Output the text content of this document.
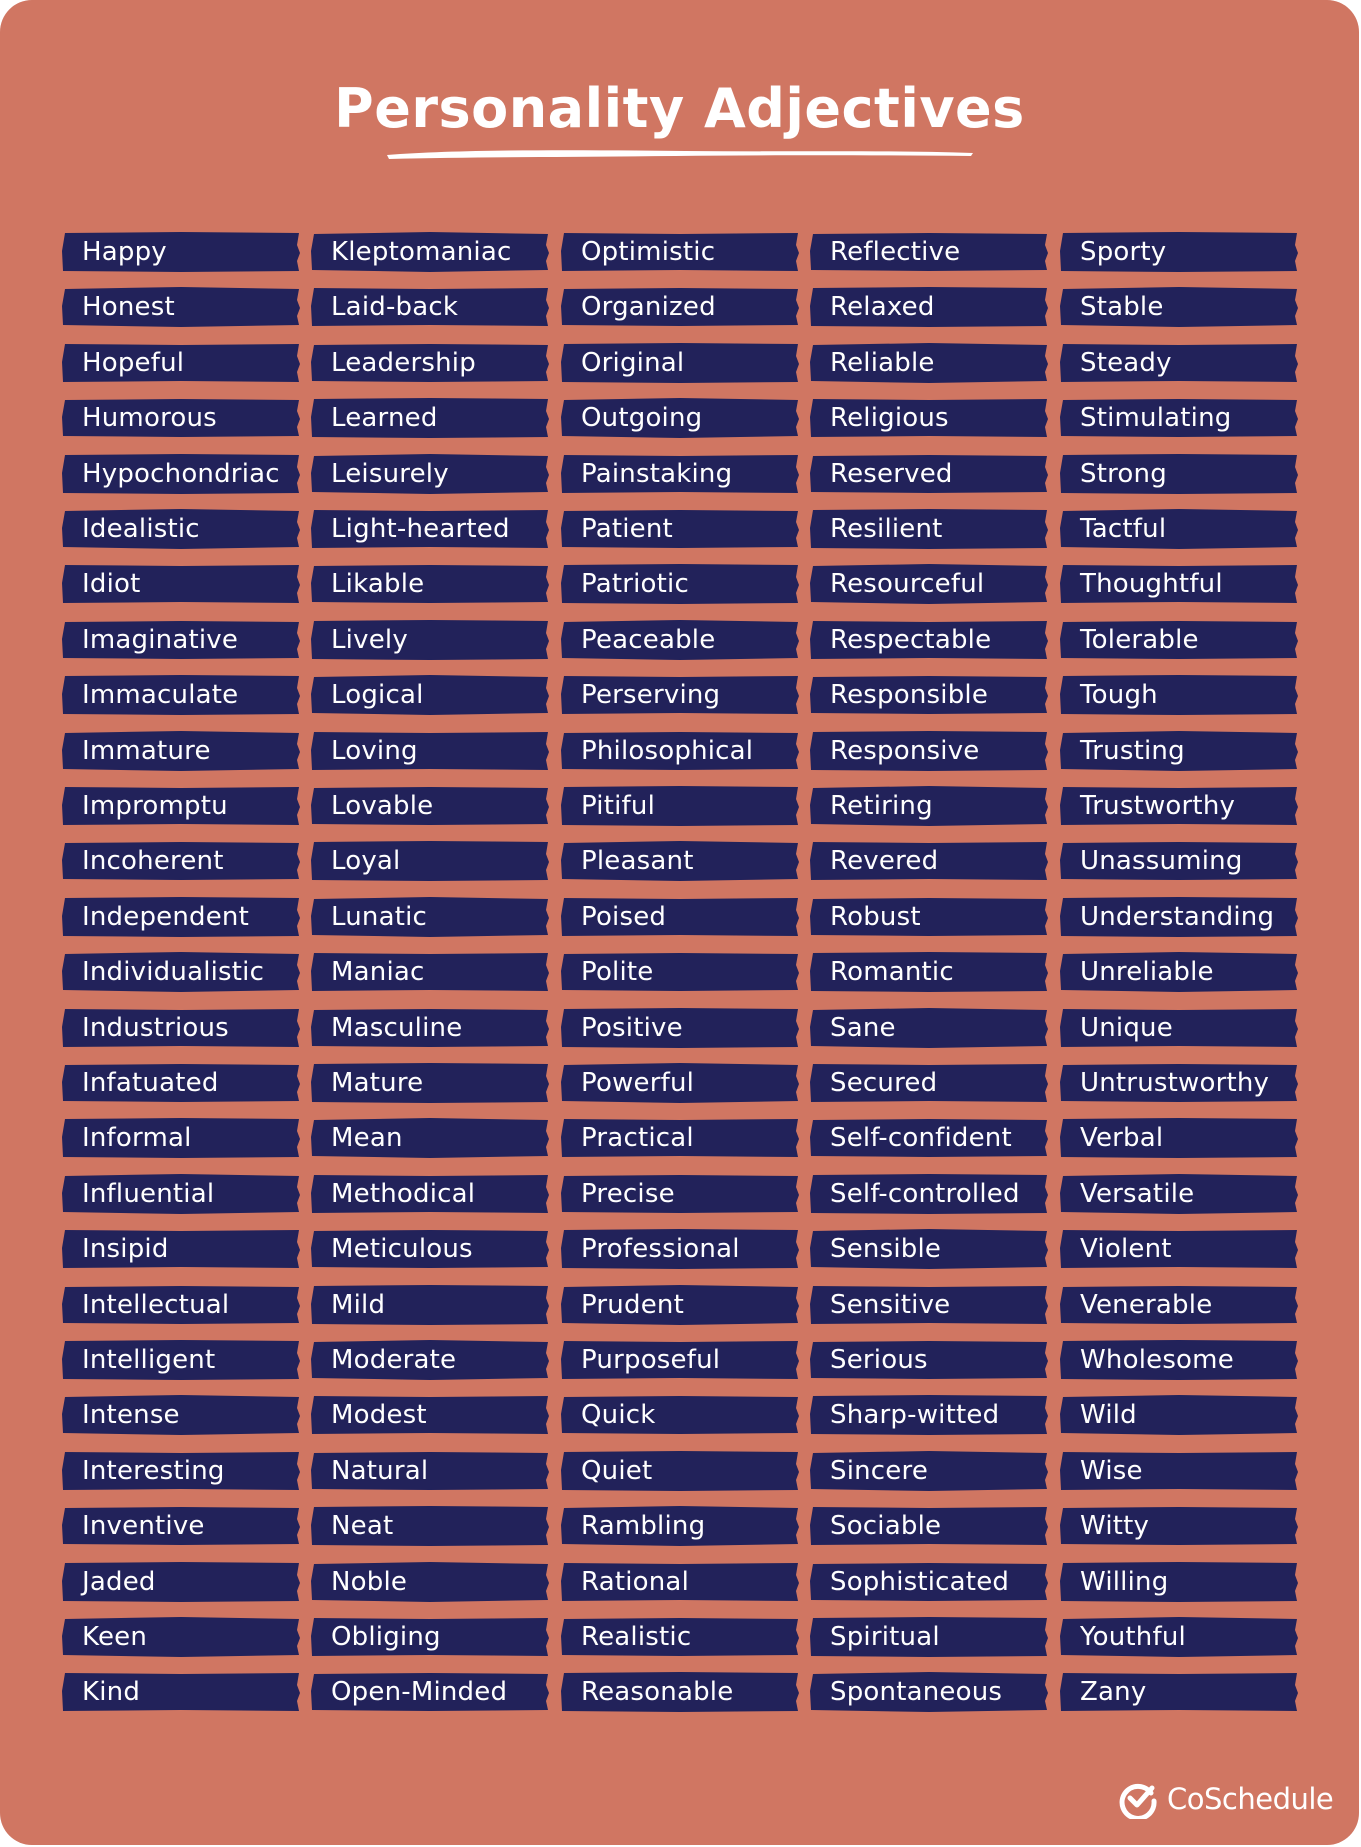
Personality Adjectives
Happy
Honest
Hopeful
Humorous
Hypochondriac
Idealistic
Idiot
Imaginative
Immaculate
Immature
Impromptu
Incoherent
Independent
Individualistic
Industrious
Infatuated
Informal
Influential
Insipid
Intellectual
Intelligent
Intense
Interesting
Inventive
Jaded
Keen
Kind
Kleptomaniac
Laid-back
Leadership
Learned
Leisurely
Light-hearted
Likable
Lively
Logical
Loving
Lovable
Loyal
Lunatic
Maniac
Masculine
Mature
Mean
Methodical
Meticulous
Mild
Moderate
Modest
Natural
Neat
Noble
Obliging
Open-Minded
Optimistic
Organized
Original
Outgoing
Painstaking
Patient
Patriotic
Peaceable
Perserving
Philosophical
Pitiful
Pleasant
Poised
Polite
Positive
Powerful
Practical
Precise
Professional
Prudent
Purposeful
Quick
Quiet
Rambling
Rational
Realistic
Reasonable
Reflective
Relaxed
Reliable
Religious
Reserved
Resilient
Resourceful
Respectable
Responsible
Responsive
Retiring
Revered
Robust
Romantic
Sane
Secured
Self-confident
Self-controlled
Sensible
Sensitive
Serious
Sharp-witted
Sincere
Sociable
Sophisticated
Spiritual
Spontaneous
Sporty
Stable
Steady
Stimulating
Strong
Tactful
Thoughtful
Tolerable
Tough
Trusting
Trustworthy
Unassuming
Understanding
Unreliable
Unique
Untrustworthy
Verbal
Versatile
Violent
Venerable
Wholesome
Wild
Wise
Witty
Willing
Youthful
Zany
CoSchedule
